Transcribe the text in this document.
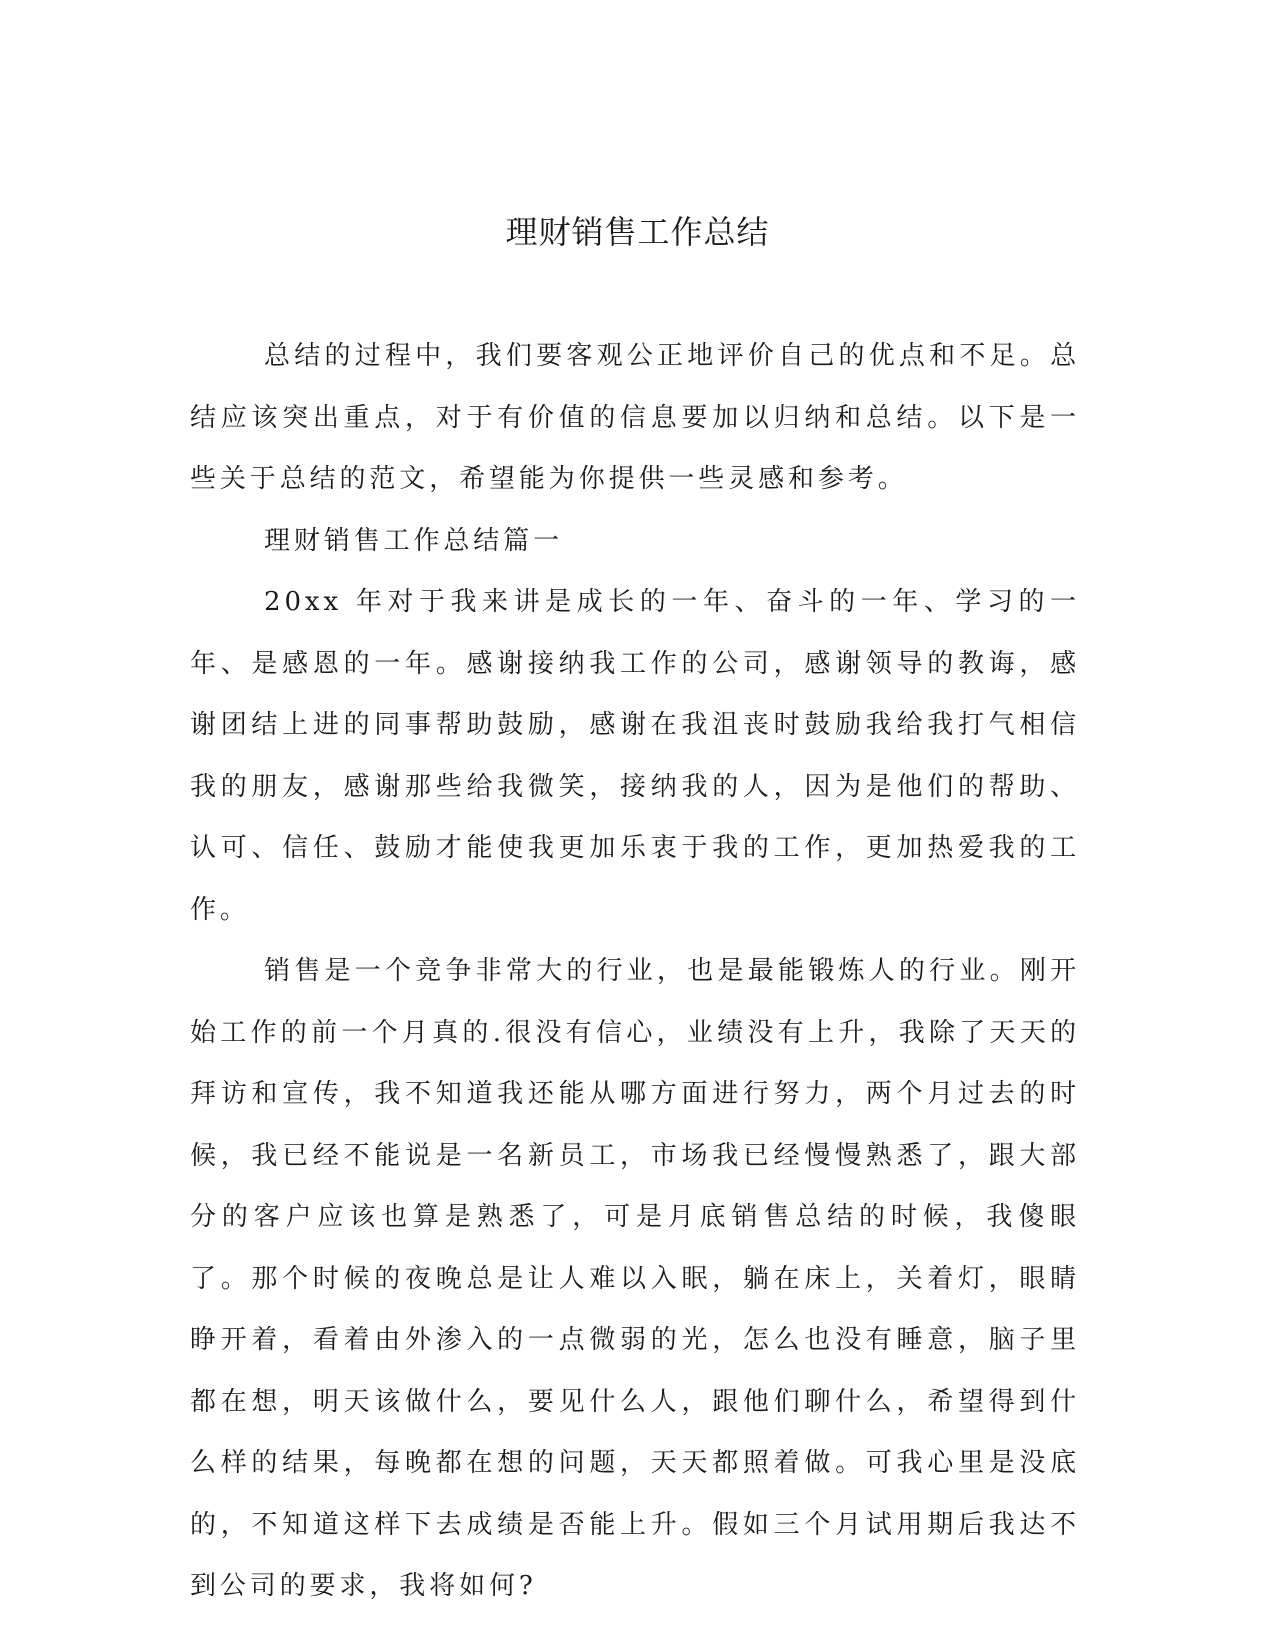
理财销售工作总结

总结的过程中，我们要客观公正地评价自己的优点和不足。总结应该突出重点，对于有价值的信息要加以归纳和总结。以下是一些关于总结的范文，希望能为你提供一些灵感和参考。

理财销售工作总结篇一

20xx 年对于我来讲是成长的一年、奋斗的一年、学习的一年、是感恩的一年。感谢接纳我工作的公司，感谢领导的教诲，感谢团结上进的同事帮助鼓励，感谢在我沮丧时鼓励我给我打气相信我的朋友，感谢那些给我微笑，接纳我的人，因为是他们的帮助、认可、信任、鼓励才能使我更加乐衷于我的工作，更加热爱我的工作。

销售是一个竞争非常大的行业，也是最能锻炼人的行业。刚开始工作的前一个月真的.很没有信心，业绩没有上升，我除了天天的拜访和宣传，我不知道我还能从哪方面进行努力，两个月过去的时候，我已经不能说是一名新员工，市场我已经慢慢熟悉了，跟大部分的客户应该也算是熟悉了，可是月底销售总结的时候，我傻眼了。那个时候的夜晚总是让人难以入眠，躺在床上，关着灯，眼睛睁开着，看着由外渗入的一点微弱的光，怎么也没有睡意，脑子里都在想，明天该做什么，要见什么人，跟他们聊什么，希望得到什么样的结果，每晚都在想的问题，天天都照着做。可我心里是没底的，不知道这样下去成绩是否能上升。假如三个月试用期后我达不到公司的要求，我将如何?
